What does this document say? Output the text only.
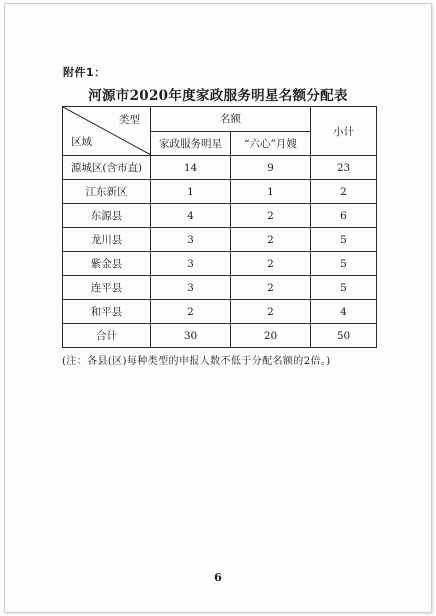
附件1：
河源市2020年度家政服务明星名额分配表
类型
区域	名额		小计
	家政服务明星	“六心”月嫂	
源城区(含市直)	14	9	23
江东新区	1	1	2
东源县	4	2	6
龙川县	3	2	5
紫金县	3	2	5
连平县	3	2	5
和平县	2	2	4
合计	30	20	50
(注：各县(区)每种类型的申报人数不低于分配名额的2倍。)
6
